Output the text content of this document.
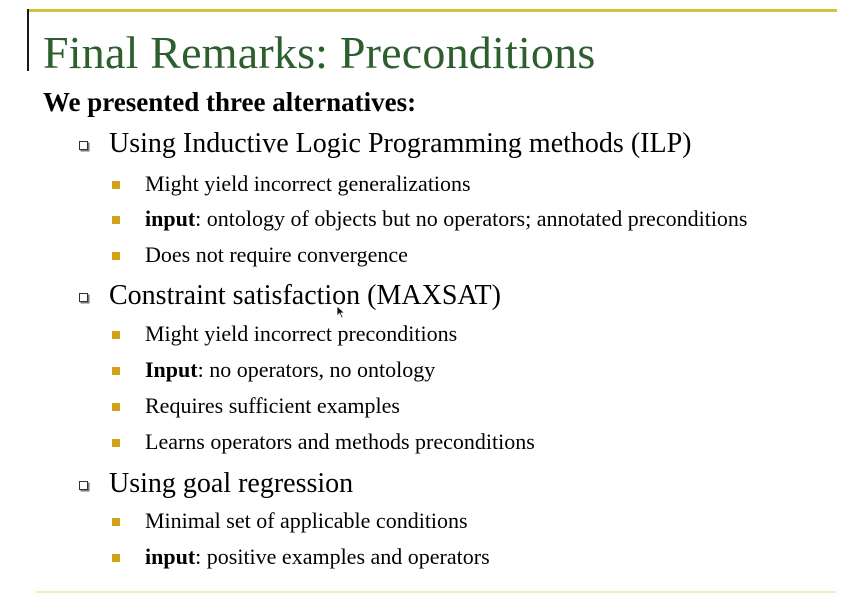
Final Remarks: Preconditions
We presented three alternatives:
Using Inductive Logic Programming methods (ILP)
Might yield incorrect generalizations
input: ontology of objects but no operators; annotated preconditions
Does not require convergence
Constraint satisfaction (MAXSAT)
Might yield incorrect preconditions
Input: no operators, no ontology
Requires sufficient examples
Learns operators and methods preconditions
Using goal regression
Minimal set of applicable conditions
input: positive examples and operators
